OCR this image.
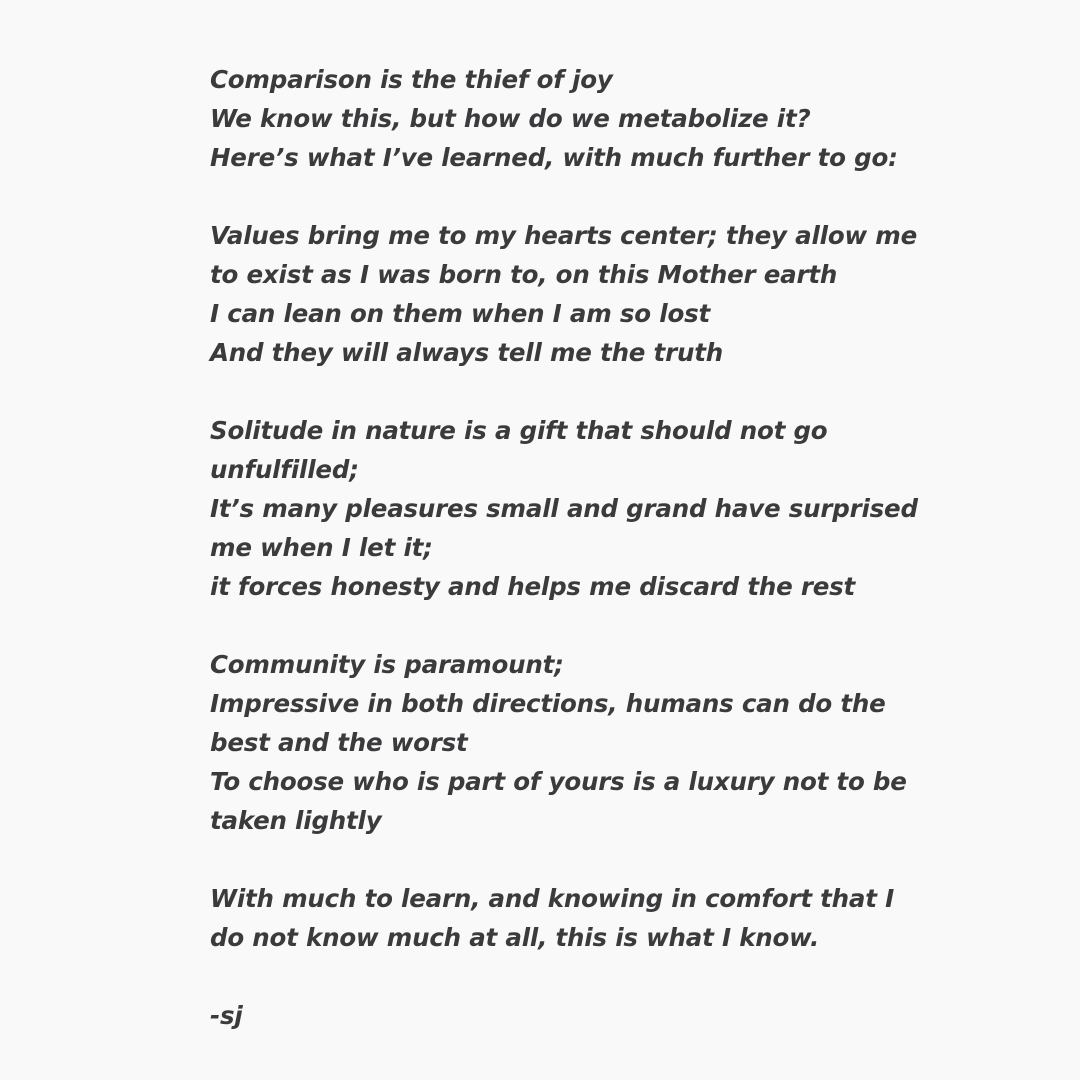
Comparison is the thief of joy
We know this, but how do we metabolize it?
Here’s what I’ve learned, with much further to go:
Values bring me to my hearts center; they allow me
to exist as I was born to, on this Mother earth
I can lean on them when I am so lost
And they will always tell me the truth
Solitude in nature is a gift that should not go
unfulfilled;
It’s many pleasures small and grand have surprised
me when I let it;
it forces honesty and helps me discard the rest
Community is paramount;
Impressive in both directions, humans can do the
best and the worst
To choose who is part of yours is a luxury not to be
taken lightly
With much to learn, and knowing in comfort that I
do not know much at all, this is what I know.
-sj
